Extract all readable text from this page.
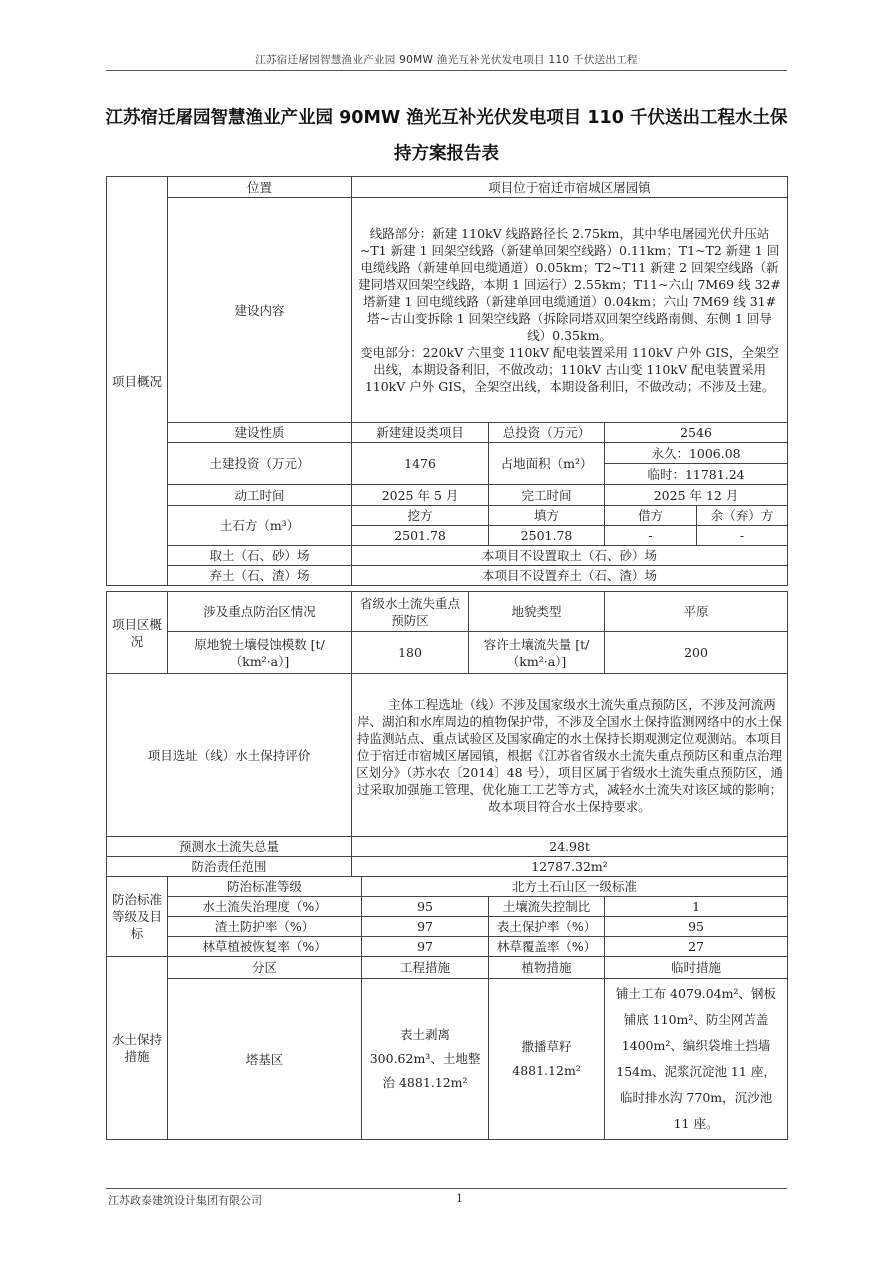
江苏宿迁屠园智慧渔业产业园 90MW 渔光互补光伏发电项目 110 千伏送出工程
江苏宿迁屠园智慧渔业产业园 90MW 渔光互补光伏发电项目 110 千伏送出工程水土保
持方案报告表
项目概况	位置	项目位于宿迁市宿城区屠园镇			
	建设内容	线路部分：新建 110kV 线路路径长 2.75km，其中华电屠园光伏升压站~T1 新建 1 回架空线路（新建单回架空线路）0.11km；T1~T2 新建 1 回电缆线路（新建单回电缆通道）0.05km；T2~T11 新建 2 回架空线路（新建同塔双回架空线路，本期 1 回运行）2.55km；T11~六山 7M69 线 32#塔新建 1 回电缆线路（新建单回电缆通道）0.04km；六山 7M69 线 31#塔~古山变拆除 1 回架空线路（拆除同塔双回架空线路南侧、东侧 1 回导线）0.35km。
变电部分：220kV 六里变 110kV 配电装置采用 110kV 户外 GIS，全架空出线，本期设备利旧，不做改动；110kV 古山变 110kV 配电装置采用 110kV 户外 GIS，全架空出线，本期设备利旧，不做改动；不涉及土建。			

	建设性质	新建建设类项目	总投资（万元）	2546	
	土建投资（万元）	1476	占地面积（m²）	永久：1006.08	
				临时：11781.24	
	动工时间	2025 年 5 月	完工时间	2025 年 12 月	
	土石方（m³）	挖方	填方	借方	余（弃）方
		2501.78	2501.78	-	-
	取土（石、砂）场	本项目不设置取土（石、砂）场			
	弃土（石、渣）场	本项目不设置弃土（石、渣）场			
项目区概况	涉及重点防治区情况	省级水土流失重点预防区		地貌类型		平原
	原地貌土壤侵蚀模数 [t/（km²·a）]	180		容许土壤流失量 [t/（km²·a）]		200
项目选址（线）水土保持评价		主体工程选址（线）不涉及国家级水土流失重点预防区，不涉及河流两岸、湖泊和水库周边的植物保护带，不涉及全国水土保持监测网络中的水土保持监测站点、重点试验区及国家确定的水土保持长期观测定位观测站。本项目位于宿迁市宿城区屠园镇，根据《江苏省省级水土流失重点预防区和重点治理区划分》（苏水农〔2014〕48 号），项目区属于省级水土流失重点预防区，通过采取加强施工管理、优化施工工艺等方式，减轻水土流失对该区域的影响；故本项目符合水土保持要求。				
预测水土流失总量		24.98t				
防治责任范围		12787.32m²				
防治标准等级及目标	防治标准等级		北方土石山区一级标准			
	水土流失治理度（%）		95		土壤流失控制比	1
	渣土防护率（%）		97		表土保护率（%）	95
	林草植被恢复率（%）		97		林草覆盖率（%）	27
水土保持措施	分区		工程措施		植物措施	临时措施
	塔基区		表土剥离 300.62m³、土地整治 4881.12m²		撒播草籽 4881.12m²	铺土工布 4079.04m²、钢板铺底 110m²、防尘网苫盖 1400m²、编织袋堆土挡墙 154m、泥浆沉淀池 11 座，临时排水沟 770m，沉沙池 11 座。
江苏政泰建筑设计集团有限公司	1
